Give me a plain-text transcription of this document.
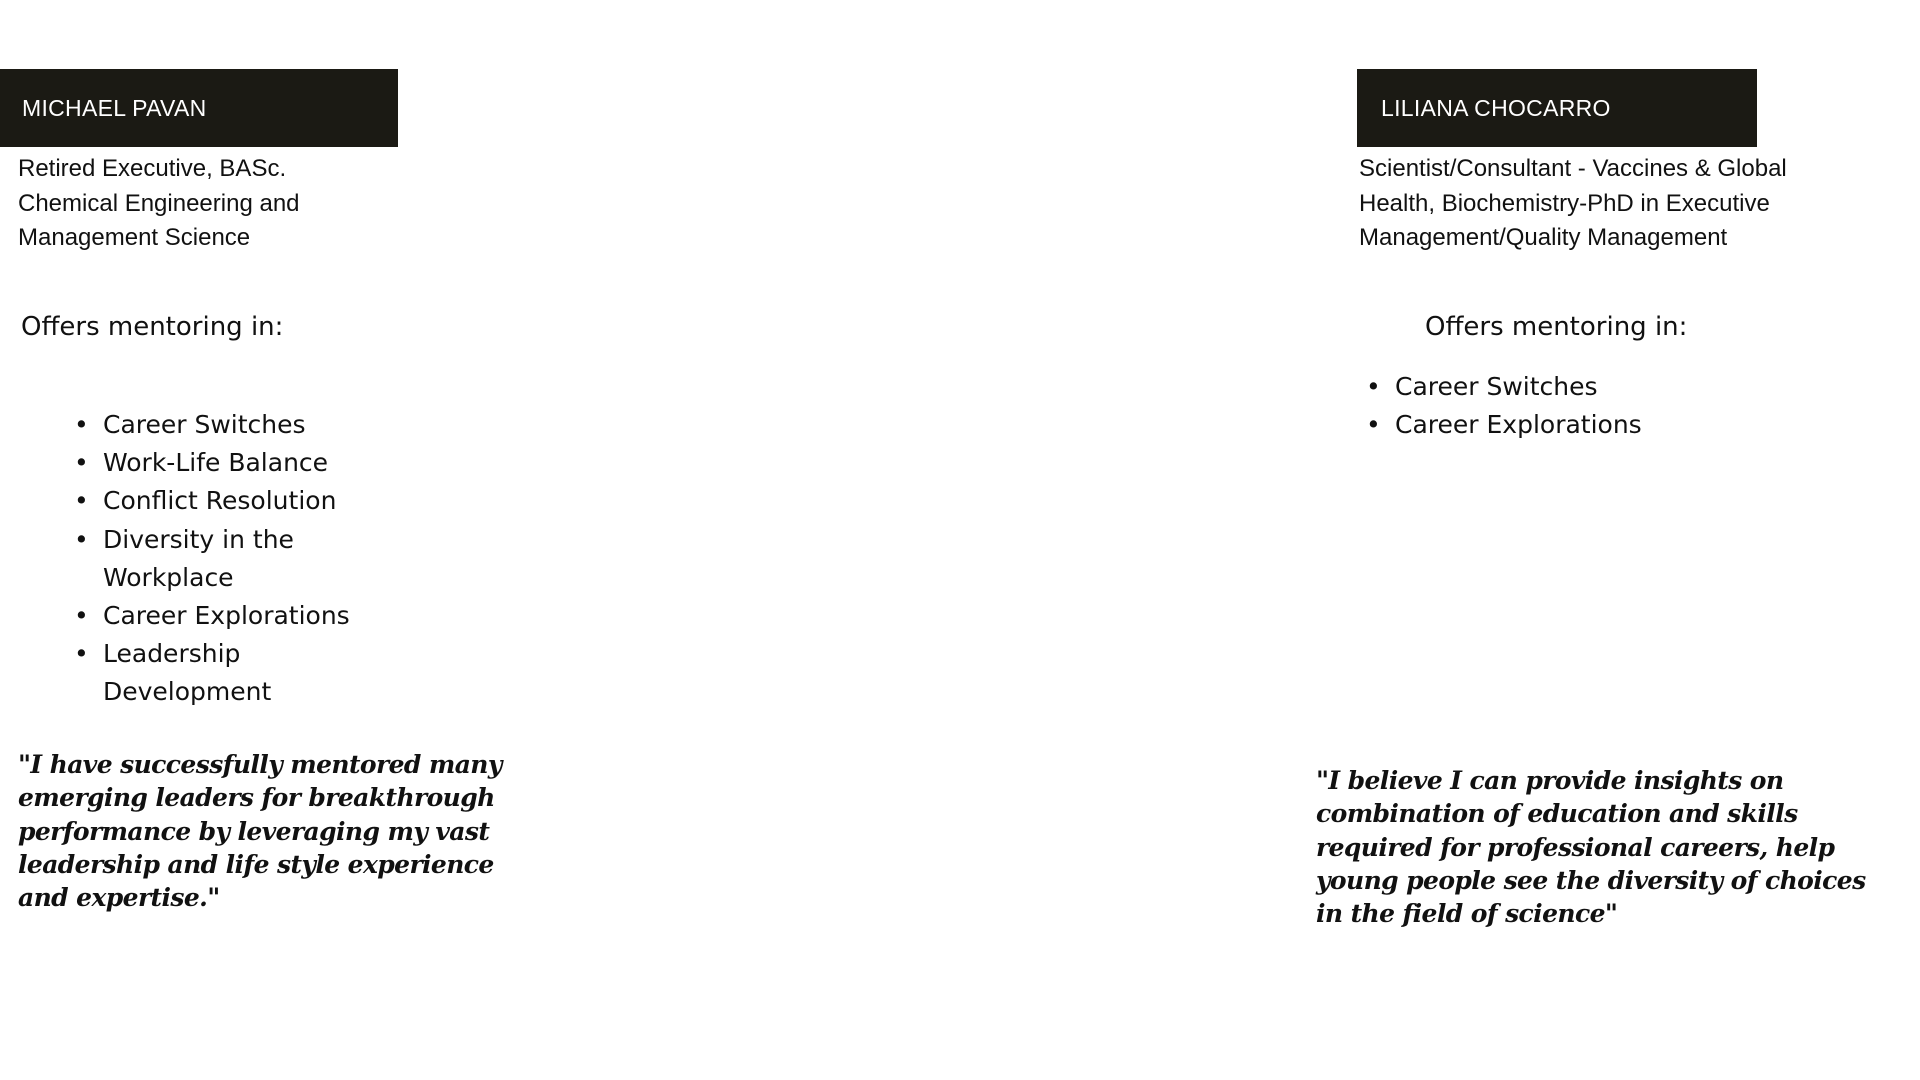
MICHAEL PAVAN

Retired Executive, BASc. Chemical Engineering and Management Science

Offers mentoring in:

• Career Switches
• Work-Life Balance
• Conflict Resolution
• Diversity in the Workplace
• Career Explorations
• Leadership Development

"I have successfully mentored many emerging leaders for breakthrough performance by leveraging my vast leadership and life style experience and expertise."

LILIANA CHOCARRO

Scientist/Consultant - Vaccines & Global Health, Biochemistry-PhD in Executive Management/Quality Management

Offers mentoring in:

• Career Switches
• Career Explorations

"I believe I can provide insights on combination of education and skills required for professional careers, help young people see the diversity of choices in the field of science"
